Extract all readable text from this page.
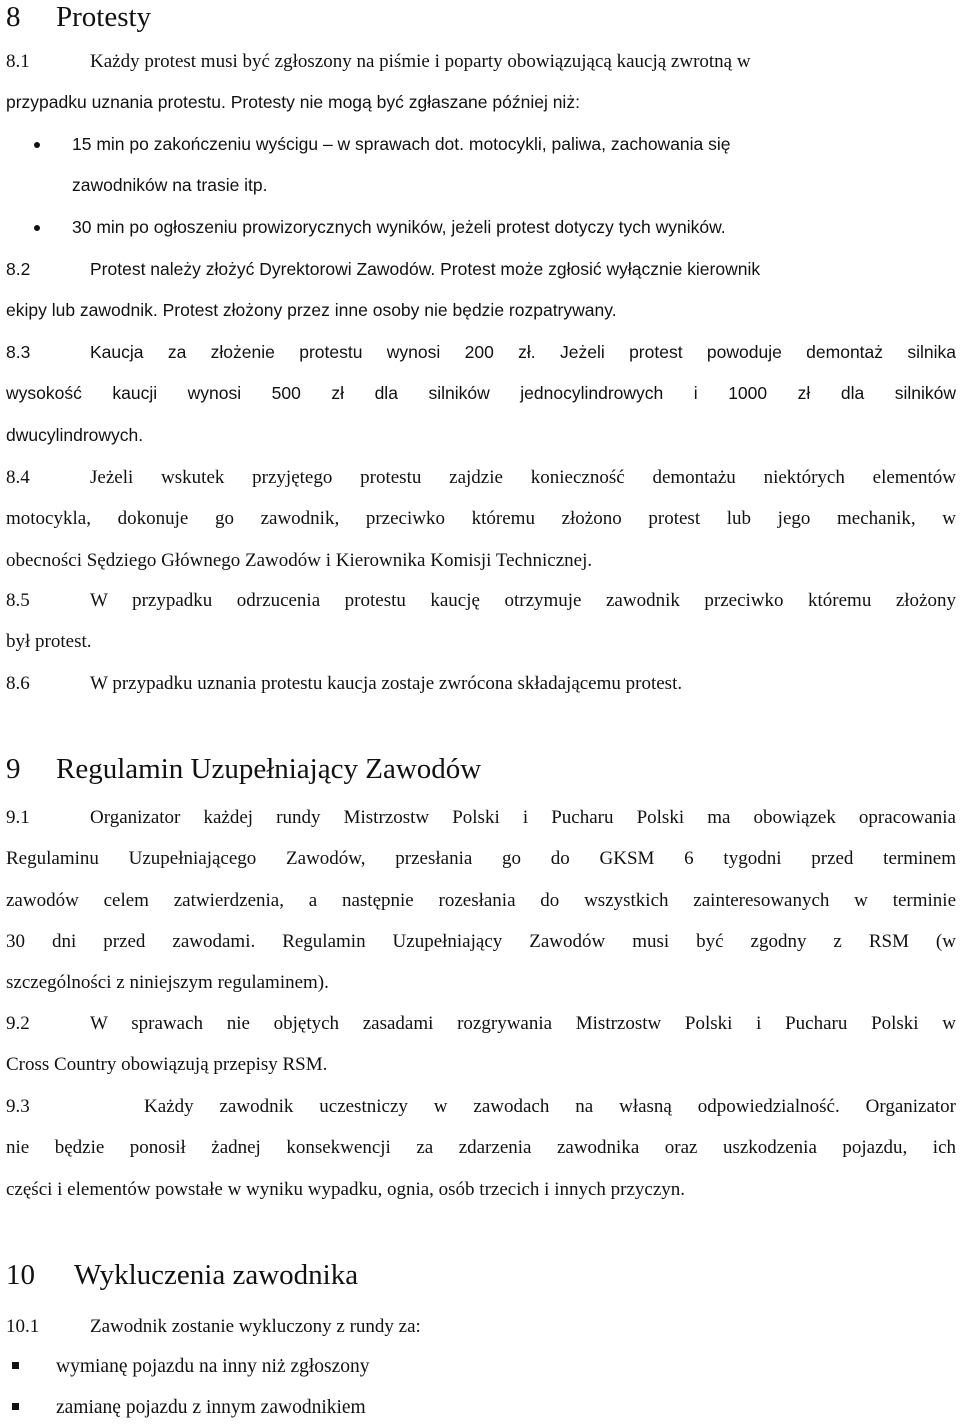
8 Protesty
8.1	Każdy protest musi być zgłoszony na piśmie i poparty obowiązującą kaucją zwrotną w
przypadku uznania protestu. Protesty nie mogą być zgłaszane później niż:
15 min po zakończeniu wyścigu – w sprawach dot. motocykli, paliwa, zachowania się
zawodników na trasie itp.
30 min po ogłoszeniu prowizorycznych wyników, jeżeli protest dotyczy tych wyników.
8.2	Protest należy złożyć Dyrektorowi Zawodów. Protest może zgłosić wyłącznie kierownik
ekipy lub zawodnik. Protest złożony przez inne osoby nie będzie rozpatrywany.
8.3	Kaucja za złożenie protestu wynosi 200 zł. Jeżeli protest powoduje demontaż silnika
wysokość kaucji wynosi 500 zł dla silników jednocylindrowych i 1000 zł dla silników
dwucylindrowych.
8.4	Jeżeli wskutek przyjętego protestu zajdzie konieczność demontażu niektórych elementów
motocykla, dokonuje go zawodnik, przeciwko któremu złożono protest lub jego mechanik, w
obecności Sędziego Głównego Zawodów i Kierownika Komisji Technicznej.
8.5	W przypadku odrzucenia protestu kaucję otrzymuje zawodnik przeciwko któremu złożony
był protest.
8.6	W przypadku uznania protestu kaucja zostaje zwrócona składającemu protest.
9 Regulamin Uzupełniający Zawodów
9.1	Organizator każdej rundy Mistrzostw Polski i Pucharu Polski ma obowiązek opracowania
Regulaminu Uzupełniającego Zawodów, przesłania go do GKSM 6 tygodni przed terminem
zawodów celem zatwierdzenia, a następnie rozesłania do wszystkich zainteresowanych w terminie
30 dni przed zawodami. Regulamin Uzupełniający Zawodów musi być zgodny z RSM (w
szczególności z niniejszym regulaminem).
9.2	W sprawach nie objętych zasadami rozgrywania Mistrzostw Polski i Pucharu Polski w
Cross Country obowiązują przepisy RSM.
9.3	Każdy zawodnik uczestniczy w zawodach na własną odpowiedzialność. Organizator
nie będzie ponosił żadnej konsekwencji za zdarzenia zawodnika oraz uszkodzenia pojazdu, ich
części i elementów powstałe w wyniku wypadku, ognia, osób trzecich i innych przyczyn.
10 Wykluczenia zawodnika
10.1	Zawodnik zostanie wykluczony z rundy za:
wymianę pojazdu na inny niż zgłoszony
zamianę pojazdu z innym zawodnikiem
